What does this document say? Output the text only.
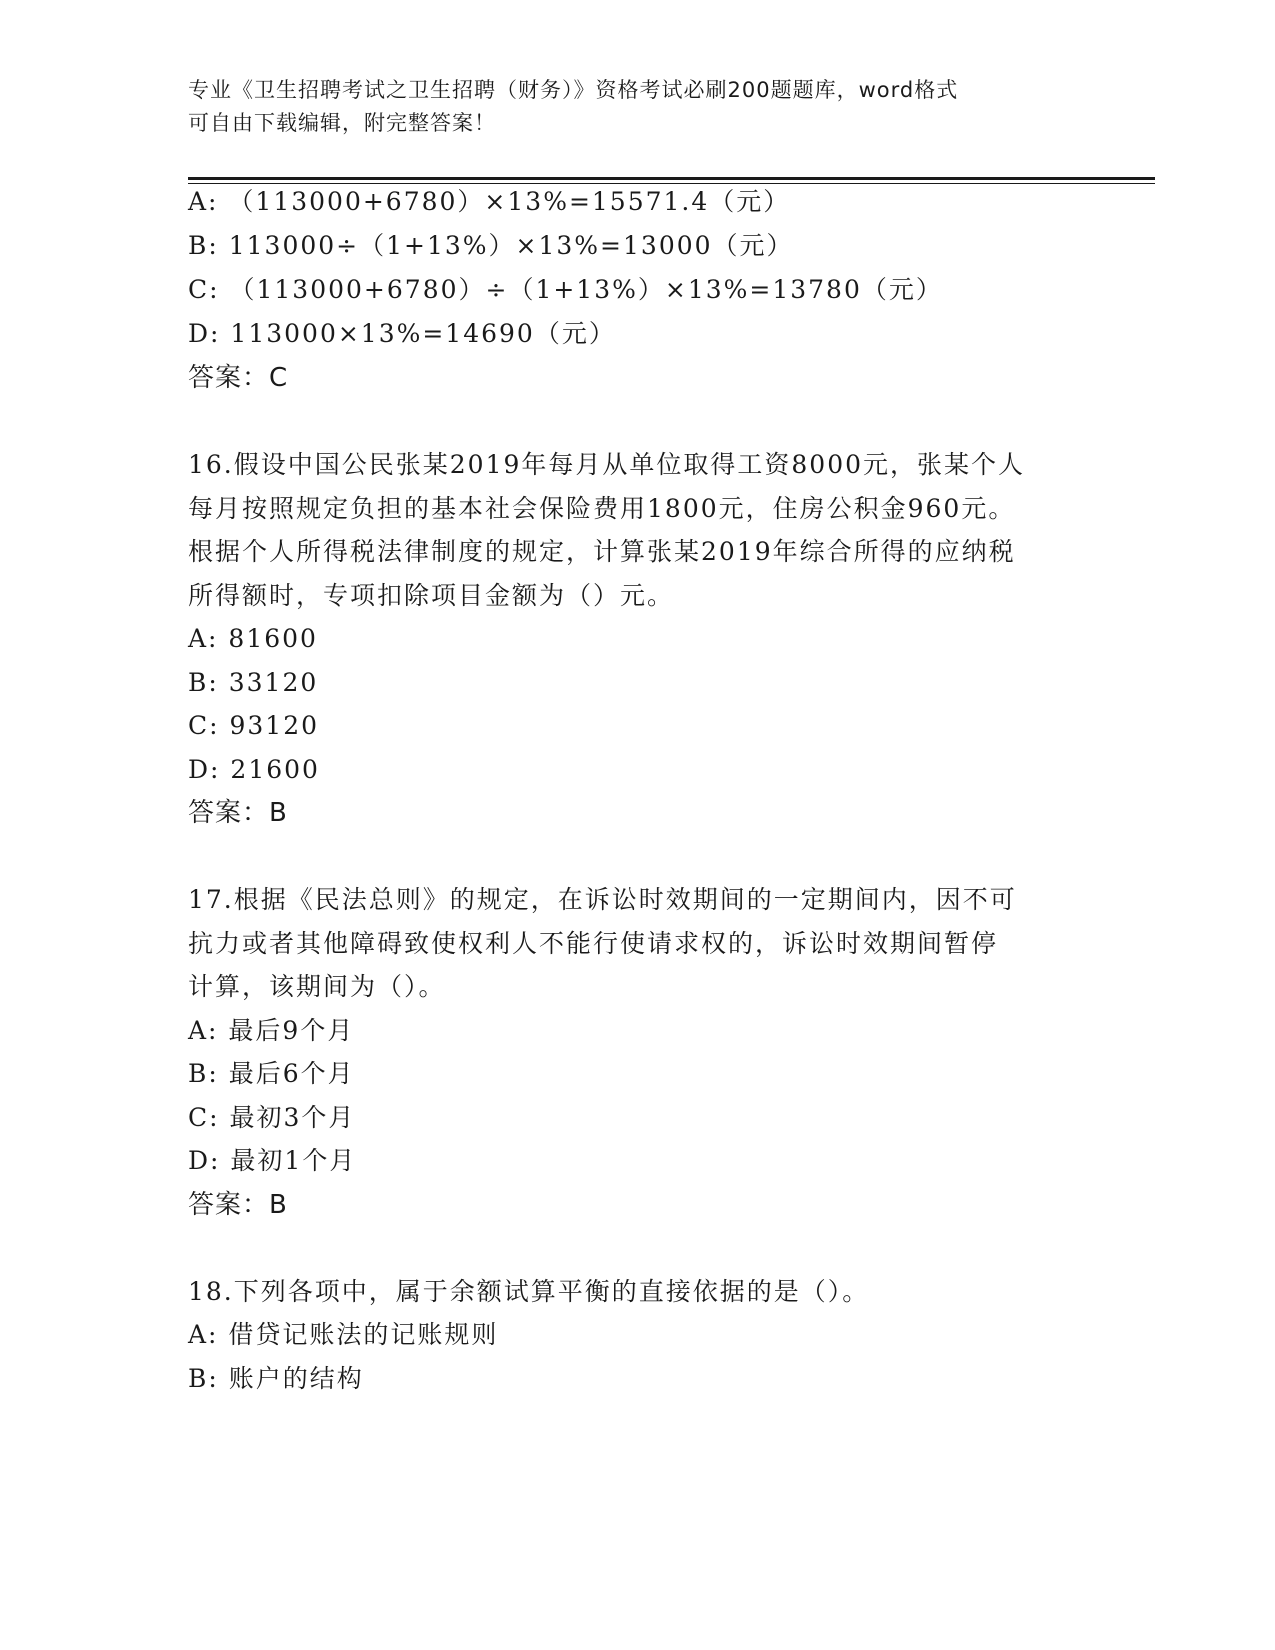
专业《卫生招聘考试之卫生招聘（财务）》资格考试必刷200题题库，word格式
可自由下载编辑，附完整答案！
A: （113000+6780）×13%=15571.4（元）
B: 113000÷（1+13%）×13%=13000（元）
C: （113000+6780）÷（1+13%）×13%=13780（元）
D: 113000×13%=14690（元）
答案：C
16.假设中国公民张某2019年每月从单位取得工资8000元，张某个人
每月按照规定负担的基本社会保险费用1800元，住房公积金960元。
根据个人所得税法律制度的规定，计算张某2019年综合所得的应纳税
所得额时，专项扣除项目金额为（）元。
A: 81600
B: 33120
C: 93120
D: 21600
答案：B
17.根据《民法总则》的规定，在诉讼时效期间的一定期间内，因不可
抗力或者其他障碍致使权利人不能行使请求权的，诉讼时效期间暂停
计算，该期间为（）。
A: 最后9个月
B: 最后6个月
C: 最初3个月
D: 最初1个月
答案：B
18.下列各项中，属于余额试算平衡的直接依据的是（）。
A: 借贷记账法的记账规则
B: 账户的结构
